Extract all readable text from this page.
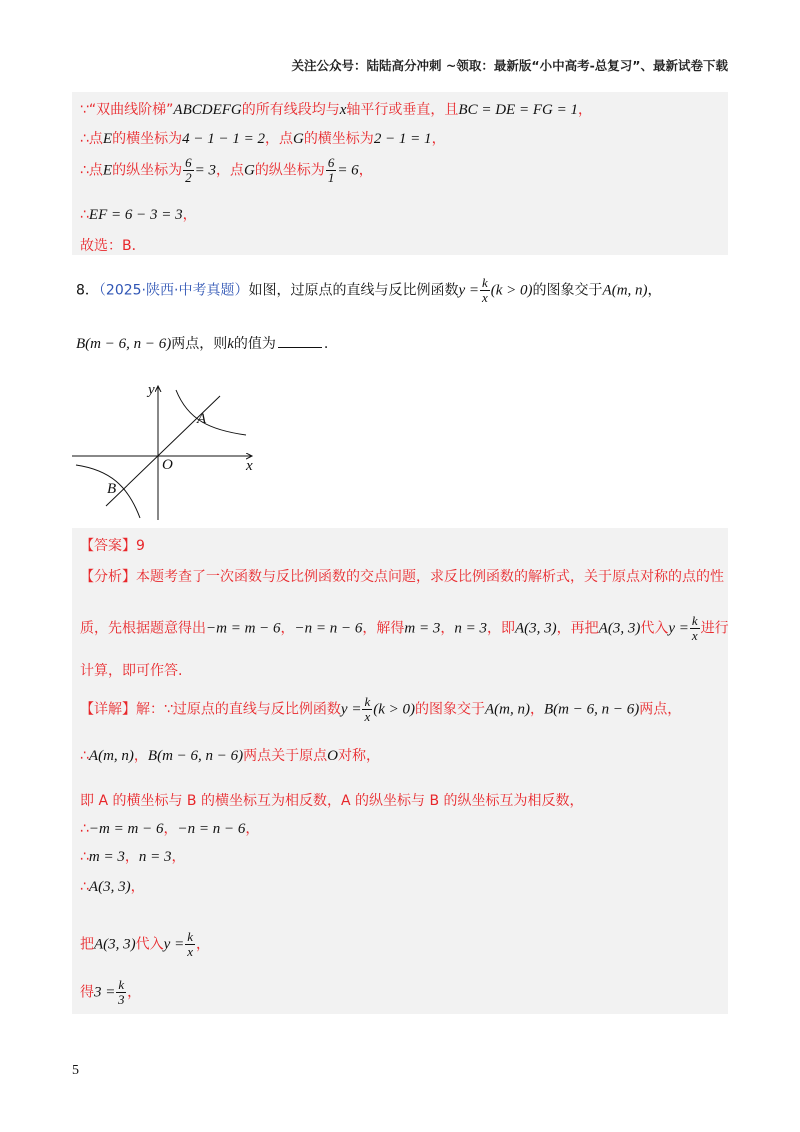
关注公众号：陆陆高分冲刺 ~领取：最新版“小中高考-总复习”、最新试卷下载
∵“双曲线阶梯”ABCDEFG的所有线段均与x轴平行或垂直，且BC = DE = FG = 1，
∴点E的横坐标为4 − 1 − 1 = 2，点G的横坐标为2 − 1 = 1，
∴点E的纵坐标为 $\frac{6}{2} = 3$，点G的纵坐标为 $\frac{6}{1} = 6$，
∴EF = 6 − 3 = 3，
故选：B．
8．（2025·陕西·中考真题）如图，过原点的直线与反比例函数$y = \frac{k}{x} (k > 0)$的图象交于A(m, n)，
B(m − 6, n − 6)两点，则k的值为	.
y
x
O
A
B
【答案】9
【分析】本题考查了一次函数与反比例函数的交点问题，求反比例函数的解析式，关于原点对称的点的性
质，先根据题意得出−m = m − 6，−n = n − 6，解得m = 3，n = 3，即A(3, 3)，再把A(3, 3)代入$y = \frac{k}{x}$ 进行
计算，即可作答.
【详解】解：∵过原点的直线与反比例函数$y = \frac{k}{x} (k > 0)$的图象交于A(m, n)，B(m − 6, n − 6)两点，
∴A(m, n)，B(m − 6, n − 6)两点关于原点O对称，
即 A 的横坐标与 B 的横坐标互为相反数，A 的纵坐标与 B 的纵坐标互为相反数，
∴−m = m − 6，−n = n − 6，
∴m = 3，n = 3，
∴A(3, 3)，
把A(3, 3)代入$y = \frac{k}{x}$ ，
得$3 = \frac{k}{3}$ ，
5
